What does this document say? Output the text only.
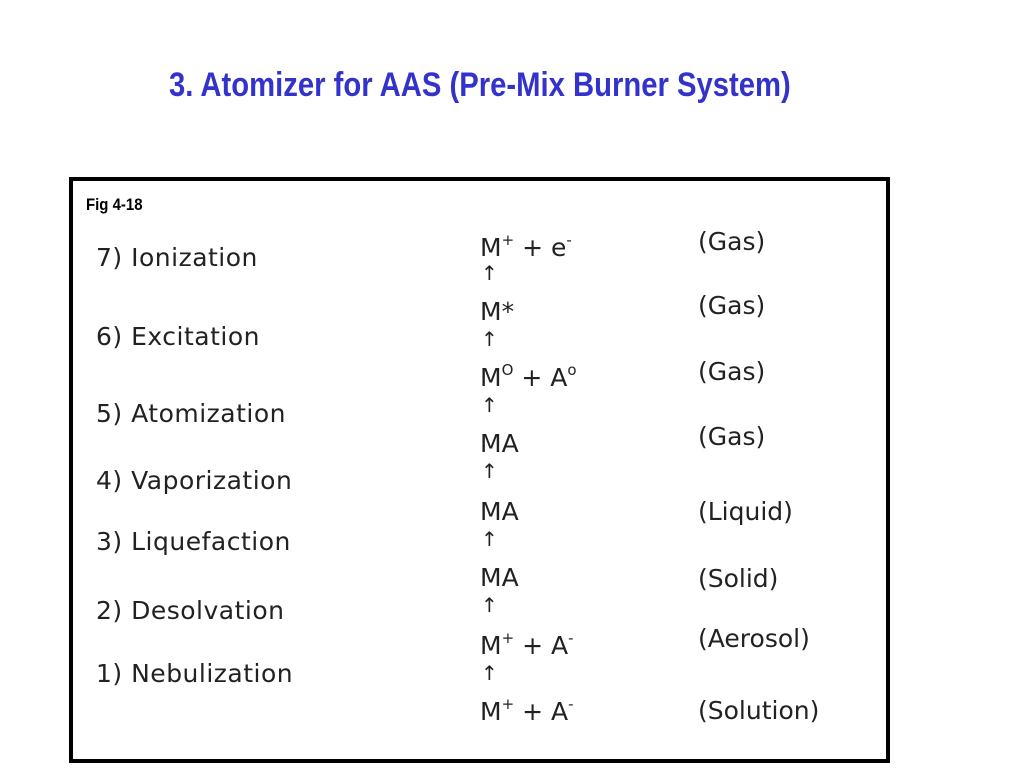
3. Atomizer for AAS (Pre-Mix Burner System)
Fig 4-18
7) Ionization
6) Excitation
5) Atomization
4) Vaporization
3) Liquefaction
2) Desolvation
1) Nebulization
M+ + e-
M*
$M^O + A^o$
MA
MA
MA
M+ + A-
M+ + A-
↑
↑
↑
↑
↑
↑
↑
(Gas)
(Gas)
(Gas)
(Gas)
(Liquid)
(Solid)
(Aerosol)
(Solution)
